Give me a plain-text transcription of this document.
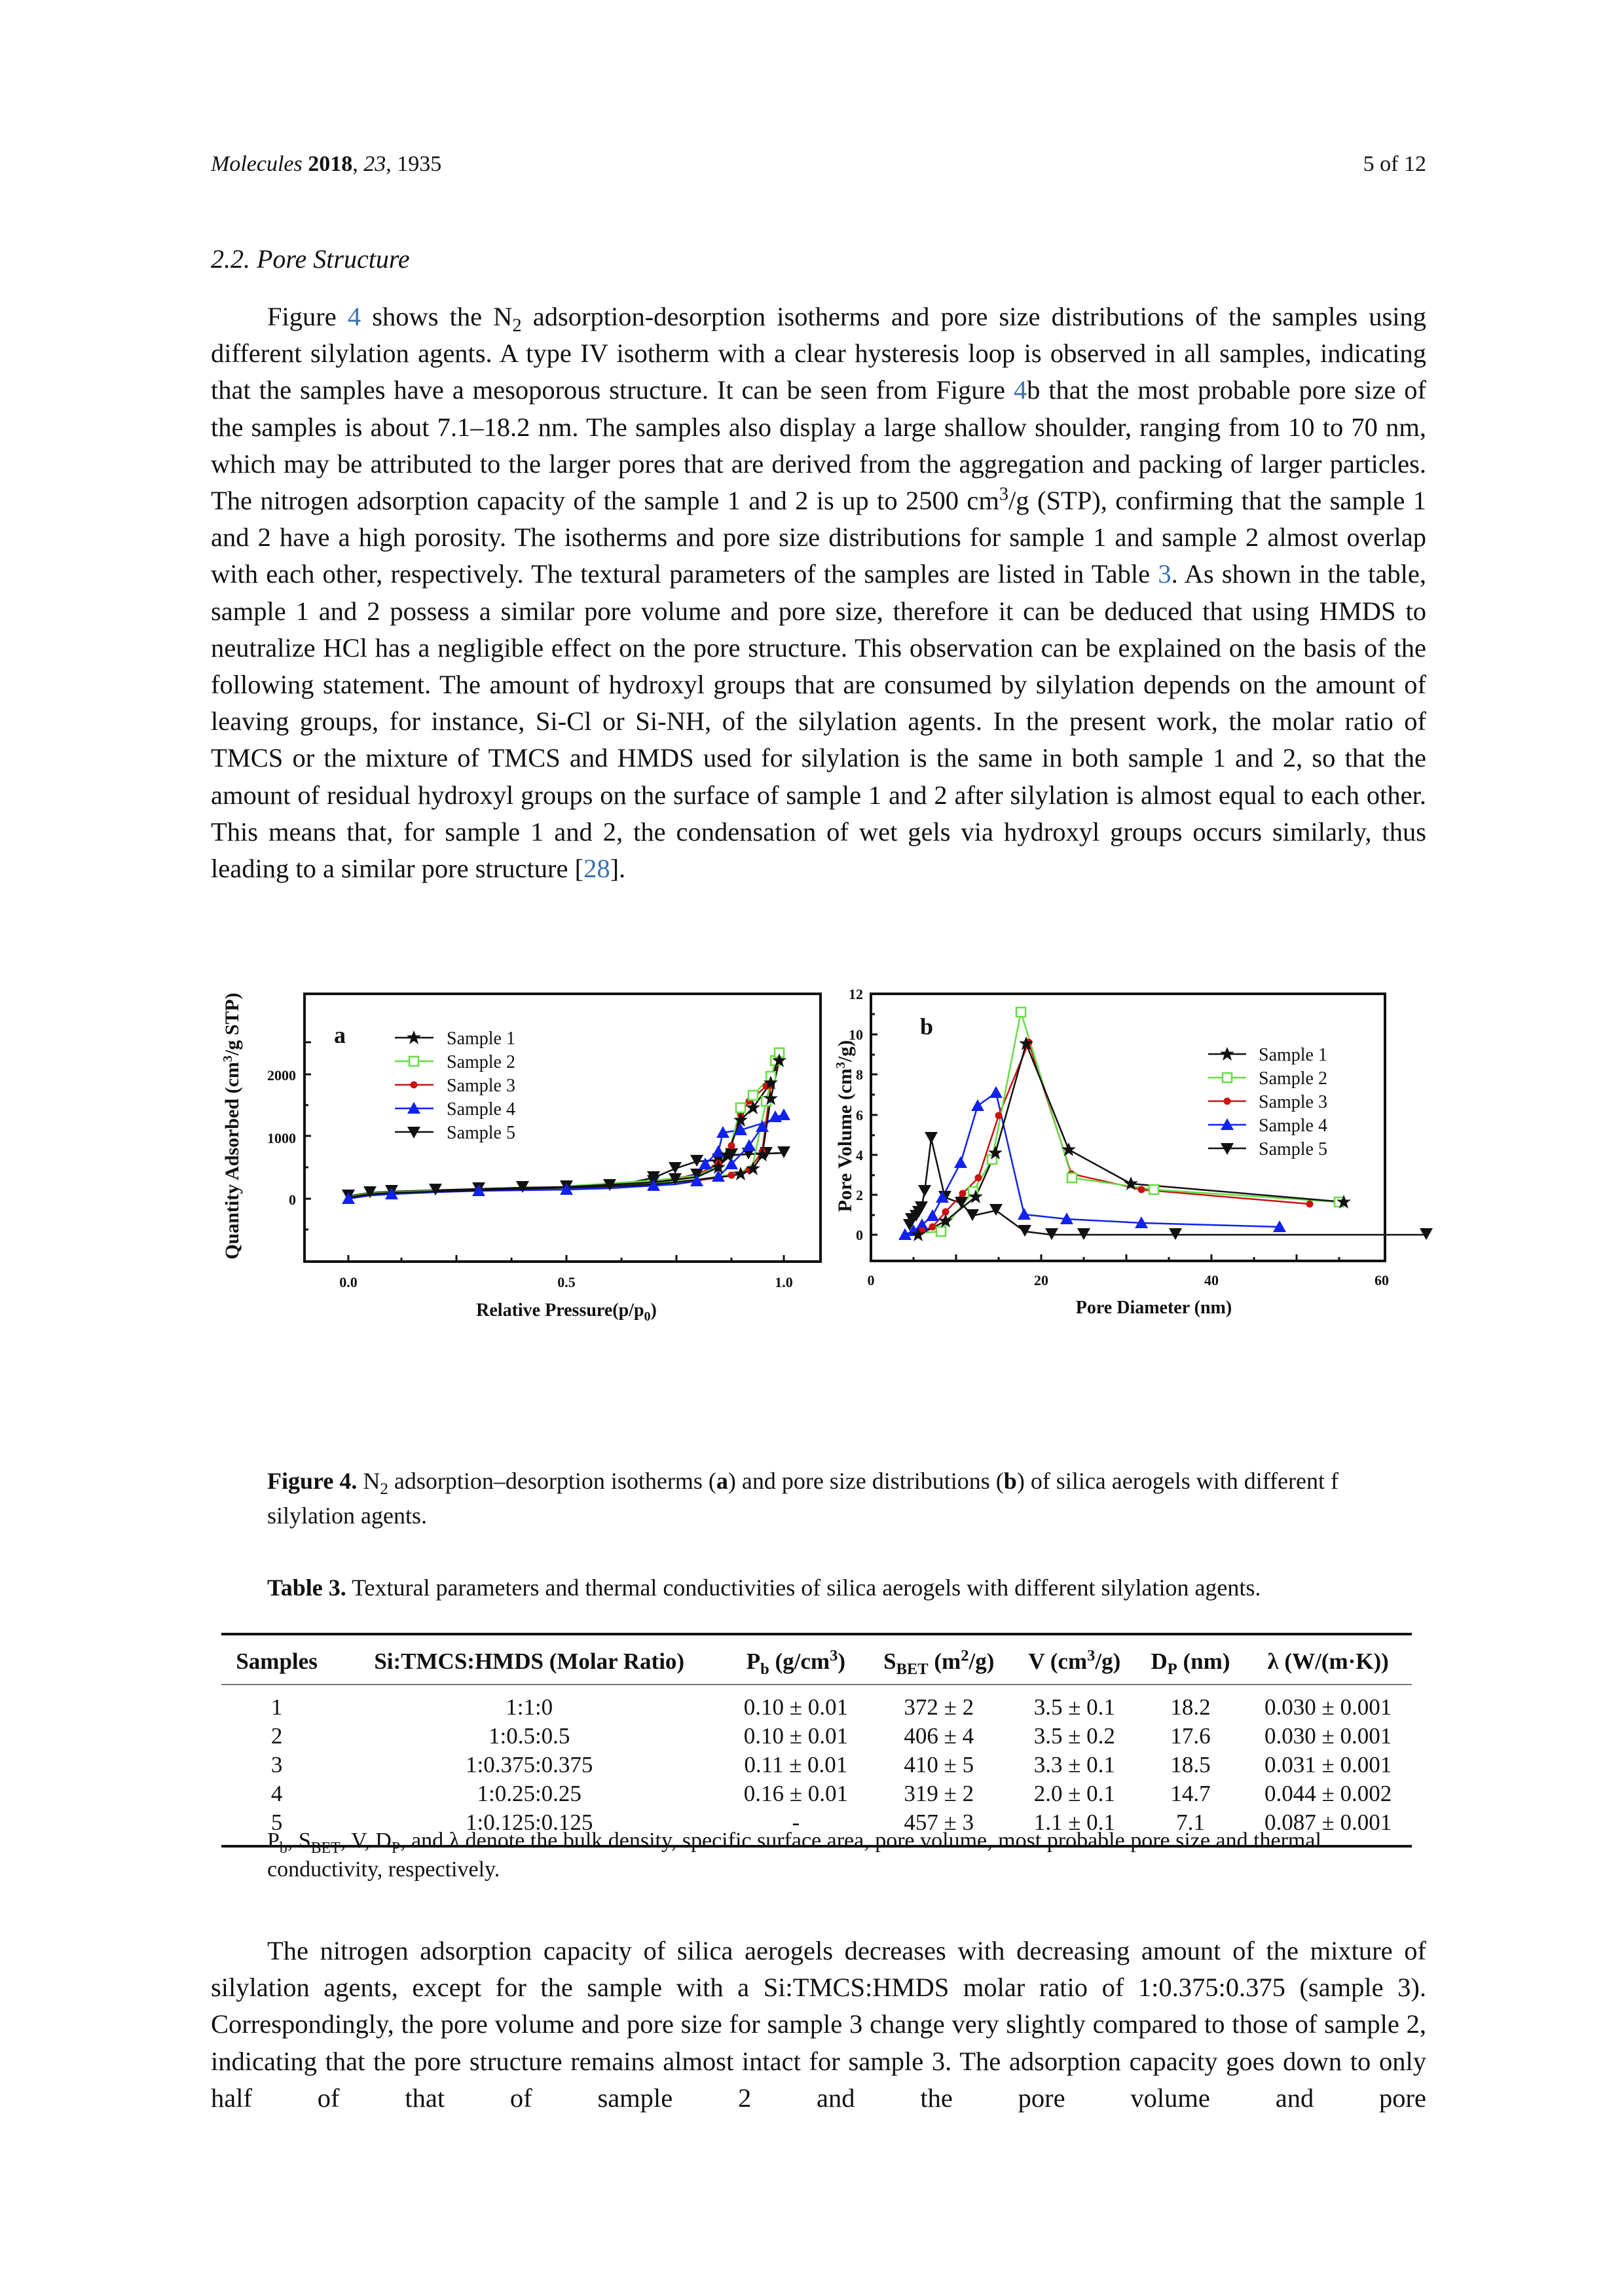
Molecules 2018, 23, 1935	5 of 12
2.2. Pore Structure

Figure 4 shows the $N_2$ adsorption-desorption isotherms and pore size distributions of the samples using different silylation agents. A type IV isotherm with a clear hysteresis loop is observed in all samples, indicating that the samples have a mesoporous structure. It can be seen from Figure 4b that the most probable pore size of the samples is about 7.1–18.2 nm. The samples also display a large shallow shoulder, ranging from 10 to 70 nm, which may be attributed to the larger pores that are derived from the aggregation and packing of larger particles. The nitrogen adsorption capacity of the sample 1 and 2 is up to 2500 $cm^3/g$ (STP), confirming that the sample 1 and 2 have a high porosity. The isotherms and pore size distributions for sample 1 and sample 2 almost overlap with each other, respectively. The textural parameters of the samples are listed in Table 3. As shown in the table, sample 1 and 2 possess a similar pore volume and pore size, therefore it can be deduced that using HMDS to neutralize HCl has a negligible effect on the pore structure. This observation can be explained on the basis of the following statement. The amount of hydroxyl groups that are consumed by silylation depends on the amount of leaving groups, for instance, Si-Cl or Si-NH, of the silylation agents. In the present work, the molar ratio of TMCS or the mixture of TMCS and HMDS used for silylation is the same in both sample 1 and 2, so that the amount of residual hydroxyl groups on the surface of sample 1 and 2 after silylation is almost equal to each other. This means that, for sample 1 and 2, the condensation of wet gels via hydroxyl groups occurs similarly, thus leading to a similar pore structure [28].

0
1000
2000
0.0	0.5	1.0
Quantity Adsorbed ($cm^3/g$ STP)
Relative $Pressure(p/p_0)$
a	Sample 1
Sample 2
Sample 3
Sample 4
Sample 5
0
2
4
6
8
10
12
0	20	40	60
Pore Volume $(cm^3/g)$
Pore Diameter (nm)
b
Sample 1
Sample 2
Sample 3
Sample 4
Sample 5
Figure 4. $N_2$ adsorption–desorption isotherms (a) and pore size distributions (b) of silica aerogels with different f silylation agents.
Table 3. Textural parameters and thermal conductivities of silica aerogels with different silylation agents.
Samples	Si:TMCS:HMDS (Molar Ratio)	$P_b$ $(g/cm^3)$	$S_{BET}$ $(m^2/g)$	V $(cm^3/g)$	$D_P$ (nm)	λ (W/(m·K))
1	1:1:0	0.10 ± 0.01	372 ± 2	3.5 ± 0.1	18.2	0.030 ± 0.001
2	1:0.5:0.5	0.10 ± 0.01	406 ± 4	3.5 ± 0.2	17.6	0.030 ± 0.001
3	1:0.375:0.375	0.11 ± 0.01	410 ± 5	3.3 ± 0.1	18.5	0.031 ± 0.001
4	1:0.25:0.25	0.16 ± 0.01	319 ± 2	2.0 ± 0.1	14.7	0.044 ± 0.002
5	1:0.125:0.125	-	457 ± 3	1.1 ± 0.1	7.1	0.087 ± 0.001
$P_b$, $S_{BET}$, V, $D_P$, and λ denote the bulk density, specific surface area, pore volume, most probable pore size and thermal conductivity, respectively.

The nitrogen adsorption capacity of silica aerogels decreases with decreasing amount of the mixture of silylation agents, except for the sample with a Si:TMCS:HMDS molar ratio of 1:0.375:0.375 (sample 3). Correspondingly, the pore volume and pore size for sample 3 change very slightly compared to those of sample 2, indicating that the pore structure remains almost intact for sample 3. The adsorption capacity goes down to only half of that of sample 2 and the pore volume and pore
